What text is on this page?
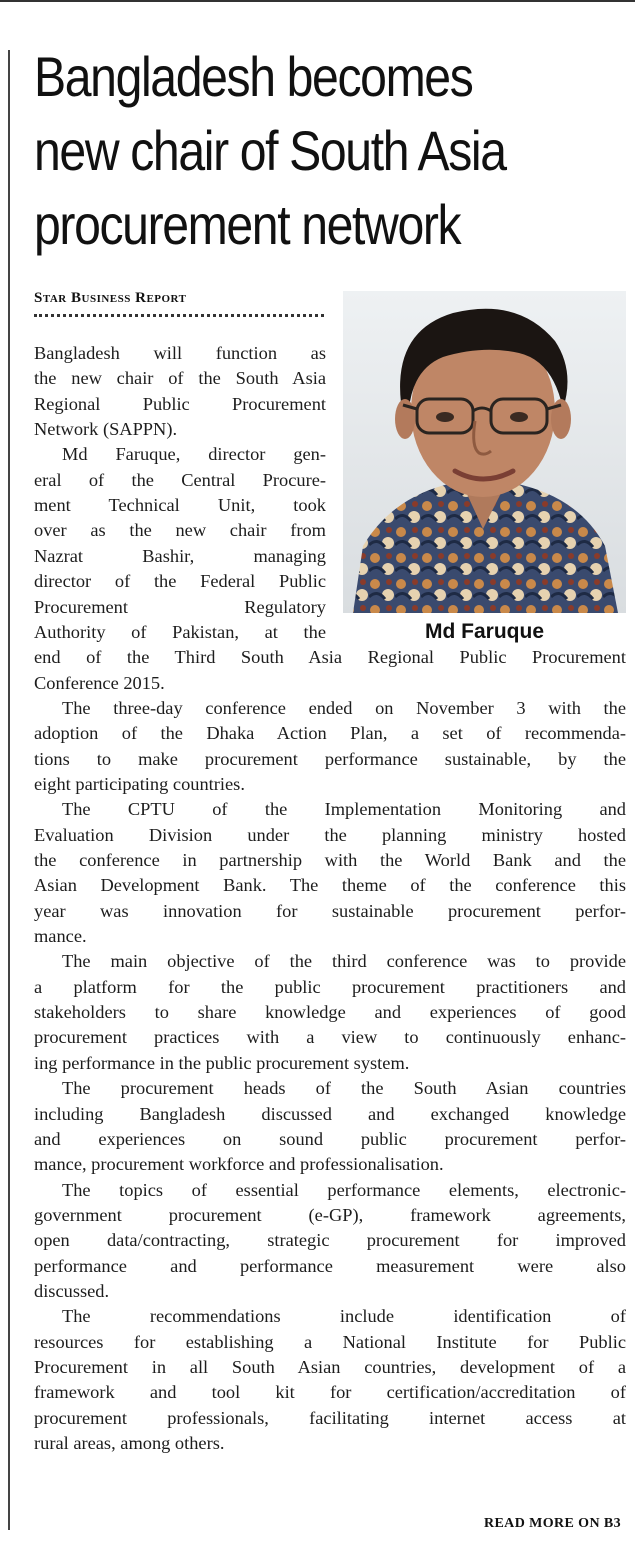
Bangladesh becomes
new chair of South Asia
procurement network
Star Business Report
Md Faruque
Bangladesh will function as
the new chair of the South Asia
Regional Public Procurement
Network (SAPPN).
Md Faruque, director gen-
eral of the Central Procure-
ment Technical Unit, took
over as the new chair from
Nazrat Bashir, managing
director of the Federal Public
Procurement Regulatory
Authority of Pakistan, at the
end of the Third South Asia Regional Public Procurement
Conference 2015.
The three-day conference ended on November 3 with the
adoption of the Dhaka Action Plan, a set of recommenda-
tions to make procurement performance sustainable, by the
eight participating countries.
The CPTU of the Implementation Monitoring and
Evaluation Division under the planning ministry hosted
the conference in partnership with the World Bank and the
Asian Development Bank. The theme of the conference this
year was innovation for sustainable procurement perfor-
mance.
The main objective of the third conference was to provide
a platform for the public procurement practitioners and
stakeholders to share knowledge and experiences of good
procurement practices with a view to continuously enhanc-
ing performance in the public procurement system.
The procurement heads of the South Asian countries
including Bangladesh discussed and exchanged knowledge
and experiences on sound public procurement perfor-
mance, procurement workforce and professionalisation.
The topics of essential performance elements, electronic-
government procurement (e-GP), framework agreements,
open data/contracting, strategic procurement for improved
performance and performance measurement were also
discussed.
The recommendations include identification of
resources for establishing a National Institute for Public
Procurement in all South Asian countries, development of a
framework and tool kit for certification/accreditation of
procurement professionals, facilitating internet access at
rural areas, among others.
READ MORE ON B3
